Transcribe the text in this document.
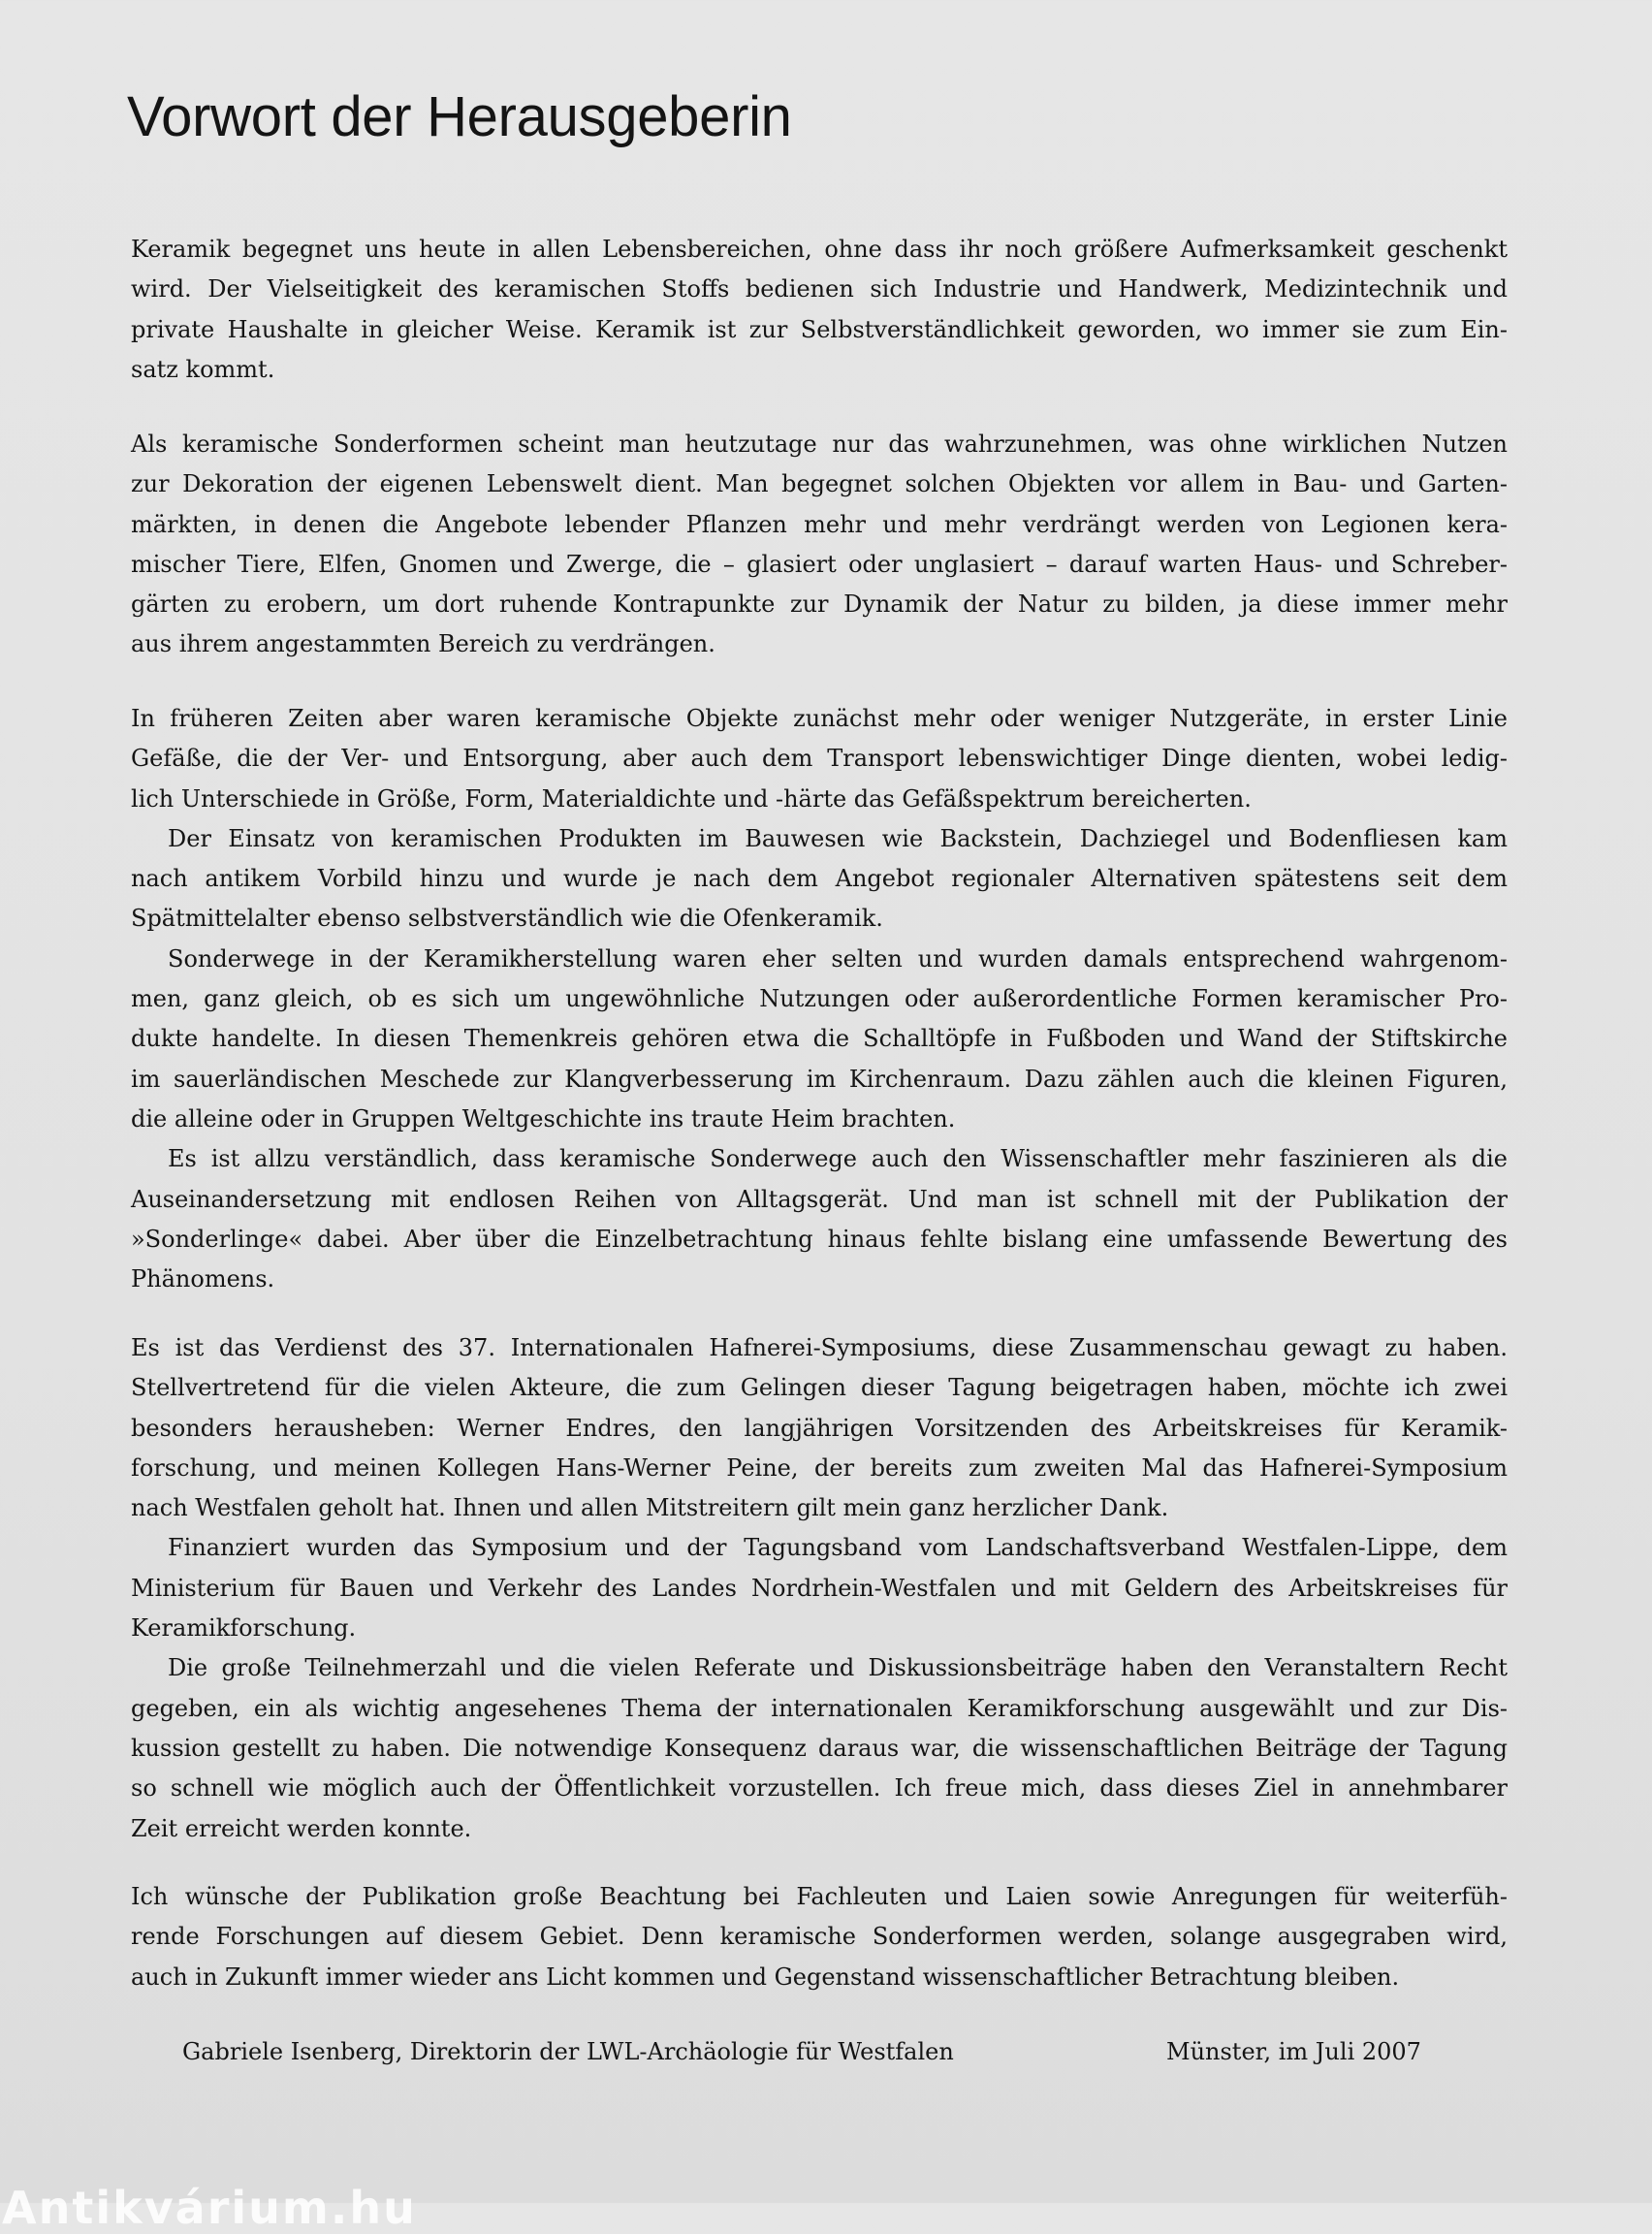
Vorwort der Herausgeberin
Keramik begegnet uns heute in allen Lebensbereichen, ohne dass ihr noch größere Aufmerksamkeit geschenkt
wird. Der Vielseitigkeit des keramischen Stoffs bedienen sich Industrie und Handwerk, Medizintechnik und
private Haushalte in gleicher Weise. Keramik ist zur Selbstverständlichkeit geworden, wo immer sie zum Ein-
satz kommt.
Als keramische Sonderformen scheint man heutzutage nur das wahrzunehmen, was ohne wirklichen Nutzen
zur Dekoration der eigenen Lebenswelt dient. Man begegnet solchen Objekten vor allem in Bau- und Garten-
märkten, in denen die Angebote lebender Pflanzen mehr und mehr verdrängt werden von Legionen kera-
mischer Tiere, Elfen, Gnomen und Zwerge, die – glasiert oder unglasiert – darauf warten Haus- und Schreber-
gärten zu erobern, um dort ruhende Kontrapunkte zur Dynamik der Natur zu bilden, ja diese immer mehr
aus ihrem angestammten Bereich zu verdrängen.
In früheren Zeiten aber waren keramische Objekte zunächst mehr oder weniger Nutzgeräte, in erster Linie
Gefäße, die der Ver- und Entsorgung, aber auch dem Transport lebenswichtiger Dinge dienten, wobei ledig-
lich Unterschiede in Größe, Form, Materialdichte und -härte das Gefäßspektrum bereicherten.
Der Einsatz von keramischen Produkten im Bauwesen wie Backstein, Dachziegel und Bodenfliesen kam
nach antikem Vorbild hinzu und wurde je nach dem Angebot regionaler Alternativen spätestens seit dem
Spätmittelalter ebenso selbstverständlich wie die Ofenkeramik.
Sonderwege in der Keramikherstellung waren eher selten und wurden damals entsprechend wahrgenom-
men, ganz gleich, ob es sich um ungewöhnliche Nutzungen oder außerordentliche Formen keramischer Pro-
dukte handelte. In diesen Themenkreis gehören etwa die Schalltöpfe in Fußboden und Wand der Stiftskirche
im sauerländischen Meschede zur Klangverbesserung im Kirchenraum. Dazu zählen auch die kleinen Figuren,
die alleine oder in Gruppen Weltgeschichte ins traute Heim brachten.
Es ist allzu verständlich, dass keramische Sonderwege auch den Wissenschaftler mehr faszinieren als die
Auseinandersetzung mit endlosen Reihen von Alltagsgerät. Und man ist schnell mit der Publikation der
»Sonderlinge« dabei. Aber über die Einzelbetrachtung hinaus fehlte bislang eine umfassende Bewertung des
Phänomens.
Es ist das Verdienst des 37. Internationalen Hafnerei-Symposiums, diese Zusammenschau gewagt zu haben.
Stellvertretend für die vielen Akteure, die zum Gelingen dieser Tagung beigetragen haben, möchte ich zwei
besonders herausheben: Werner Endres, den langjährigen Vorsitzenden des Arbeitskreises für Keramik-
forschung, und meinen Kollegen Hans-Werner Peine, der bereits zum zweiten Mal das Hafnerei-Symposium
nach Westfalen geholt hat. Ihnen und allen Mitstreitern gilt mein ganz herzlicher Dank.
Finanziert wurden das Symposium und der Tagungsband vom Landschaftsverband Westfalen-Lippe, dem
Ministerium für Bauen und Verkehr des Landes Nordrhein-Westfalen und mit Geldern des Arbeitskreises für
Keramikforschung.
Die große Teilnehmerzahl und die vielen Referate und Diskussionsbeiträge haben den Veranstaltern Recht
gegeben, ein als wichtig angesehenes Thema der internationalen Keramikforschung ausgewählt und zur Dis-
kussion gestellt zu haben. Die notwendige Konsequenz daraus war, die wissenschaftlichen Beiträge der Tagung
so schnell wie möglich auch der Öffentlichkeit vorzustellen. Ich freue mich, dass dieses Ziel in annehmbarer
Zeit erreicht werden konnte.
Ich wünsche der Publikation große Beachtung bei Fachleuten und Laien sowie Anregungen für weiterfüh-
rende Forschungen auf diesem Gebiet. Denn keramische Sonderformen werden, solange ausgegraben wird,
auch in Zukunft immer wieder ans Licht kommen und Gegenstand wissenschaftlicher Betrachtung bleiben.
Gabriele Isenberg, Direktorin der LWL-Archäologie für Westfalen	Münster, im Juli 2007
Antikvárium.hu
